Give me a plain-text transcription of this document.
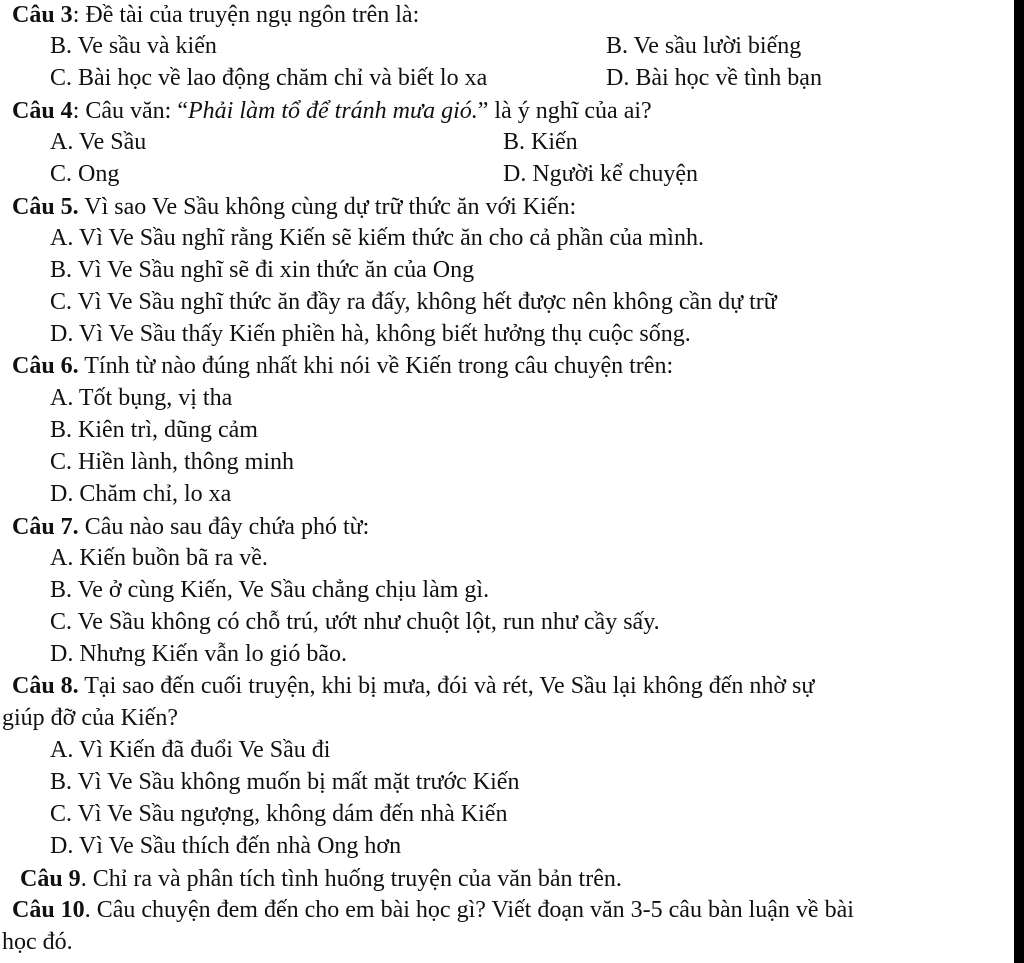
Câu 3: Đề tài của truyện ngụ ngôn trên là:
B. Ve sầu và kiến	B. Ve sầu lười biếng
C. Bài học về lao động chăm chỉ và biết lo xa	D. Bài học về tình bạn
Câu 4: Câu văn: “Phải làm tổ để tránh mưa gió.” là ý nghĩ của ai?
A. Ve Sầu	B. Kiến
C. Ong	D. Người kể chuyện
Câu 5. Vì sao Ve Sầu không cùng dự trữ thức ăn với Kiến:
A. Vì Ve Sầu nghĩ rằng Kiến sẽ kiếm thức ăn cho cả phần của mình.
B. Vì Ve Sầu nghĩ sẽ đi xin thức ăn của Ong
C. Vì Ve Sầu nghĩ thức ăn đầy ra đấy, không hết được nên không cần dự trữ
D. Vì Ve Sầu thấy Kiến phiền hà, không biết hưởng thụ cuộc sống.
Câu 6. Tính từ nào đúng nhất khi nói về Kiến trong câu chuyện trên:
A. Tốt bụng, vị tha
B. Kiên trì, dũng cảm
C. Hiền lành, thông minh
D. Chăm chỉ, lo xa
Câu 7. Câu nào sau đây chứa phó từ:
A. Kiến buồn bã ra về.
B. Ve ở cùng Kiến, Ve Sầu chẳng chịu làm gì.
C. Ve Sầu không có chỗ trú, ướt như chuột lột, run như cầy sấy.
D. Nhưng Kiến vẫn lo gió bão.
Câu 8. Tại sao đến cuối truyện, khi bị mưa, đói và rét, Ve Sầu lại không đến nhờ sự
giúp đỡ của Kiến?
A. Vì Kiến đã đuổi Ve Sầu đi
B. Vì Ve Sầu không muốn bị mất mặt trước Kiến
C. Vì Ve Sầu ngượng, không dám đến nhà Kiến
D. Vì Ve Sầu thích đến nhà Ong hơn
Câu 9. Chỉ ra và phân tích tình huống truyện của văn bản trên.
Câu 10. Câu chuyện đem đến cho em bài học gì? Viết đoạn văn 3-5 câu bàn luận về bài
học đó.
